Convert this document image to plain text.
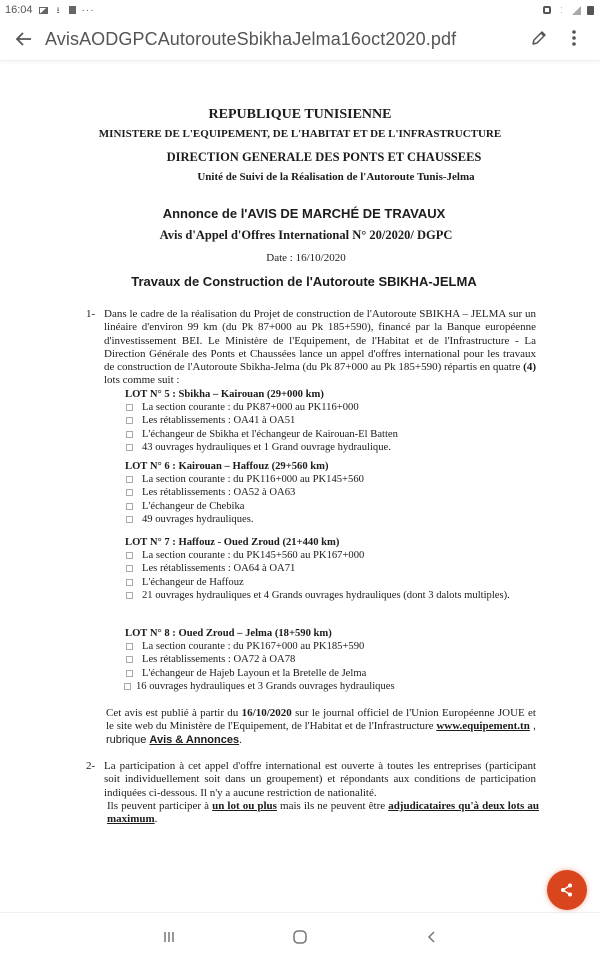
16:04	⭳ ···	⁚
AvisAODGPCAutorouteSbikhaJelma16oct2020.pdf
REPUBLIQUE TUNISIENNE
MINISTERE DE L'EQUIPEMENT, DE L'HABITAT ET DE L'INFRASTRUCTURE
DIRECTION GENERALE DES PONTS ET CHAUSSEES
Unité de Suivi de la Réalisation de l'Autoroute Tunis-Jelma
Annonce de l'AVIS DE MARCHÉ DE TRAVAUX
Avis d'Appel d'Offres International N° 20/2020/ DGPC
Date : 16/10/2020
Travaux de Construction de l'Autoroute SBIKHA-JELMA
1- Dans le cadre de la réalisation du Projet de construction de l'Autoroute SBIKHA – JELMA sur un linéaire d'environ 99 km (du Pk 87+000 au Pk 185+590), financé par la Banque européenne d'investissement BEI. Le Ministère de l'Equipement, de l'Habitat et de l'Infrastructure - La Direction Générale des Ponts et Chaussées lance un appel d'offres international pour les travaux de construction de l'Autoroute Sbikha-Jelma (du Pk 87+000 au Pk 185+590) répartis en quatre (4) lots comme suit :
LOT N° 5 : Sbikha – Kairouan (29+000 km)
La section courante : du PK87+000 au PK116+000
Les rétablissements : OA41 à OA51
L'échangeur de Sbikha et l'échangeur de Kairouan-El Batten
43 ouvrages hydrauliques et 1 Grand ouvrage hydraulique.
LOT N° 6 : Kairouan – Haffouz (29+560 km)
La section courante : du PK116+000 au PK145+560
Les rétablissements : OA52 à OA63
L'échangeur de Chebika
49 ouvrages hydrauliques.
LOT N° 7 : Haffouz - Oued Zroud (21+440 km)
La section courante : du PK145+560 au PK167+000
Les rétablissements : OA64 à OA71
L'échangeur de Haffouz
21 ouvrages hydrauliques et 4 Grands ouvrages hydrauliques (dont 3 dalots multiples).
LOT N° 8 : Oued Zroud – Jelma (18+590 km)
La section courante : du PK167+000 au PK185+590
Les rétablissements : OA72 à OA78
L'échangeur de Hajeb Layoun et la Bretelle de Jelma
16 ouvrages hydrauliques et 3 Grands ouvrages hydrauliques
Cet avis est publié à partir du 16/10/2020 sur le journal officiel de l'Union Européenne JOUE et le site web du Ministère de l'Equipement, de l'Habitat et de l'Infrastructure www.equipement.tn , rubrique Avis & Annonces.
2- La participation à cet appel d'offre international est ouverte à toutes les entreprises (participant soit individuellement soit dans un groupement) et répondants aux conditions de participation indiquées ci-dessous. Il n'y a aucune restriction de nationalité.
Ils peuvent participer à un lot ou plus mais ils ne peuvent être adjudicataires qu'à deux lots au maximum.
